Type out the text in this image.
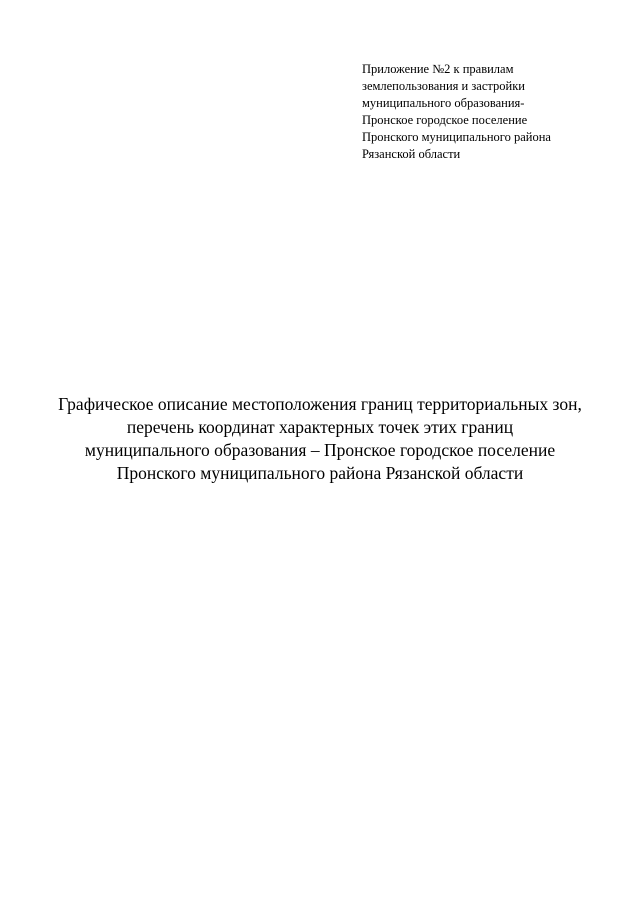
Приложение №2 к правилам
землепользования и застройки
муниципального образования-
Пронское городское поселение
Пронского муниципального района
Рязанской области
Графическое описание местоположения границ территориальных зон,
перечень координат характерных точек этих границ
муниципального образования – Пронское городское поселение
Пронского муниципального района Рязанской области
